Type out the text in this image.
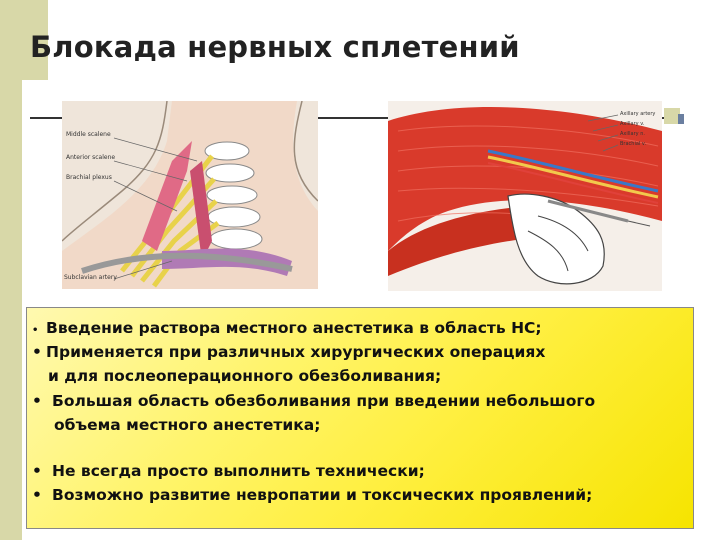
Блокада нервных сплетений
Middle scalene
Anterior scalene
Brachial plexus
Subclavian artery
Axillary artery
Axillary v.
Axillary n.
Brachial v.
• Введение раствора местного анестетика в область НС;
• Применяется при различных хирургических операциях
и для послеоперационного обезболивания;
• Большая область обезболивания при введении небольшого
объема местного анестетика;
• Не всегда просто выполнить технически;
• Возможно развитие невропатии и токсических проявлений;
